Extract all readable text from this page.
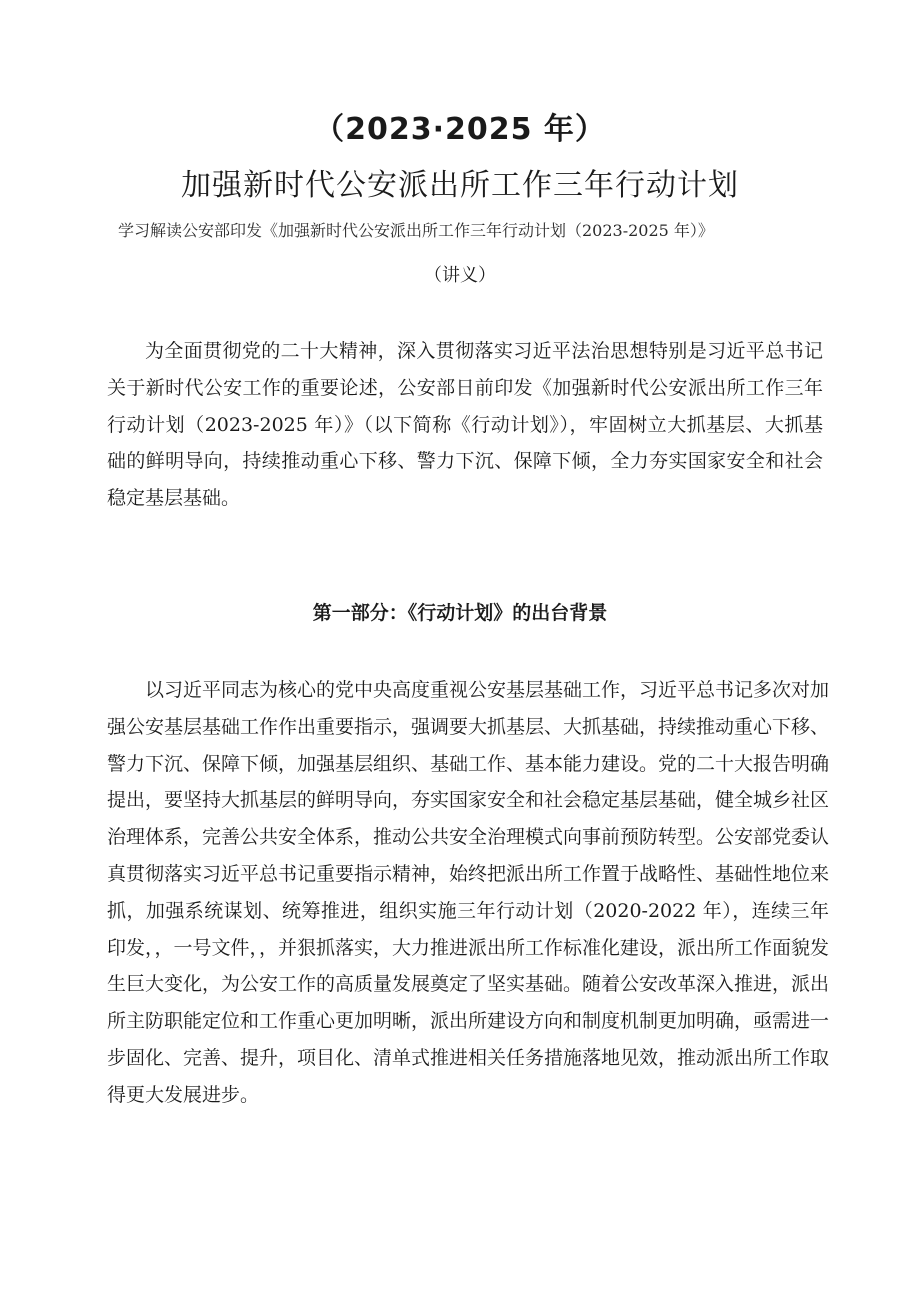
（2023·2025 年）
加强新时代公安派出所工作三年行动计划
学习解读公安部印发《加强新时代公安派出所工作三年行动计划（2023-2025 年）》
（讲义）

为全面贯彻党的二十大精神，深入贯彻落实习近平法治思想特别是习近平总书记关于新时代公安工作的重要论述，公安部日前印发《加强新时代公安派出所工作三年行动计划（2023-2025 年）》（以下简称《行动计划》），牢固树立大抓基层、大抓基础的鲜明导向，持续推动重心下移、警力下沉、保障下倾，全力夯实国家安全和社会稳定基层基础。

第一部分：《行动计划》的出台背景

以习近平同志为核心的党中央高度重视公安基层基础工作，习近平总书记多次对加强公安基层基础工作作出重要指示，强调要大抓基层、大抓基础，持续推动重心下移、警力下沉、保障下倾，加强基层组织、基础工作、基本能力建设。党的二十大报告明确提出，要坚持大抓基层的鲜明导向，夯实国家安全和社会稳定基层基础，健全城乡社区治理体系，完善公共安全体系，推动公共安全治理模式向事前预防转型。公安部党委认真贯彻落实习近平总书记重要指示精神，始终把派出所工作置于战略性、基础性地位来抓，加强系统谋划、统筹推进，组织实施三年行动计划（2020-2022 年），连续三年印发，，一号文件，，并狠抓落实，大力推进派出所工作标准化建设，派出所工作面貌发生巨大变化，为公安工作的高质量发展奠定了坚实基础。随着公安改革深入推进，派出所主防职能定位和工作重心更加明晰，派出所建设方向和制度机制更加明确，亟需进一步固化、完善、提升，项目化、清单式推进相关任务措施落地见效，推动派出所工作取得更大发展进步。
